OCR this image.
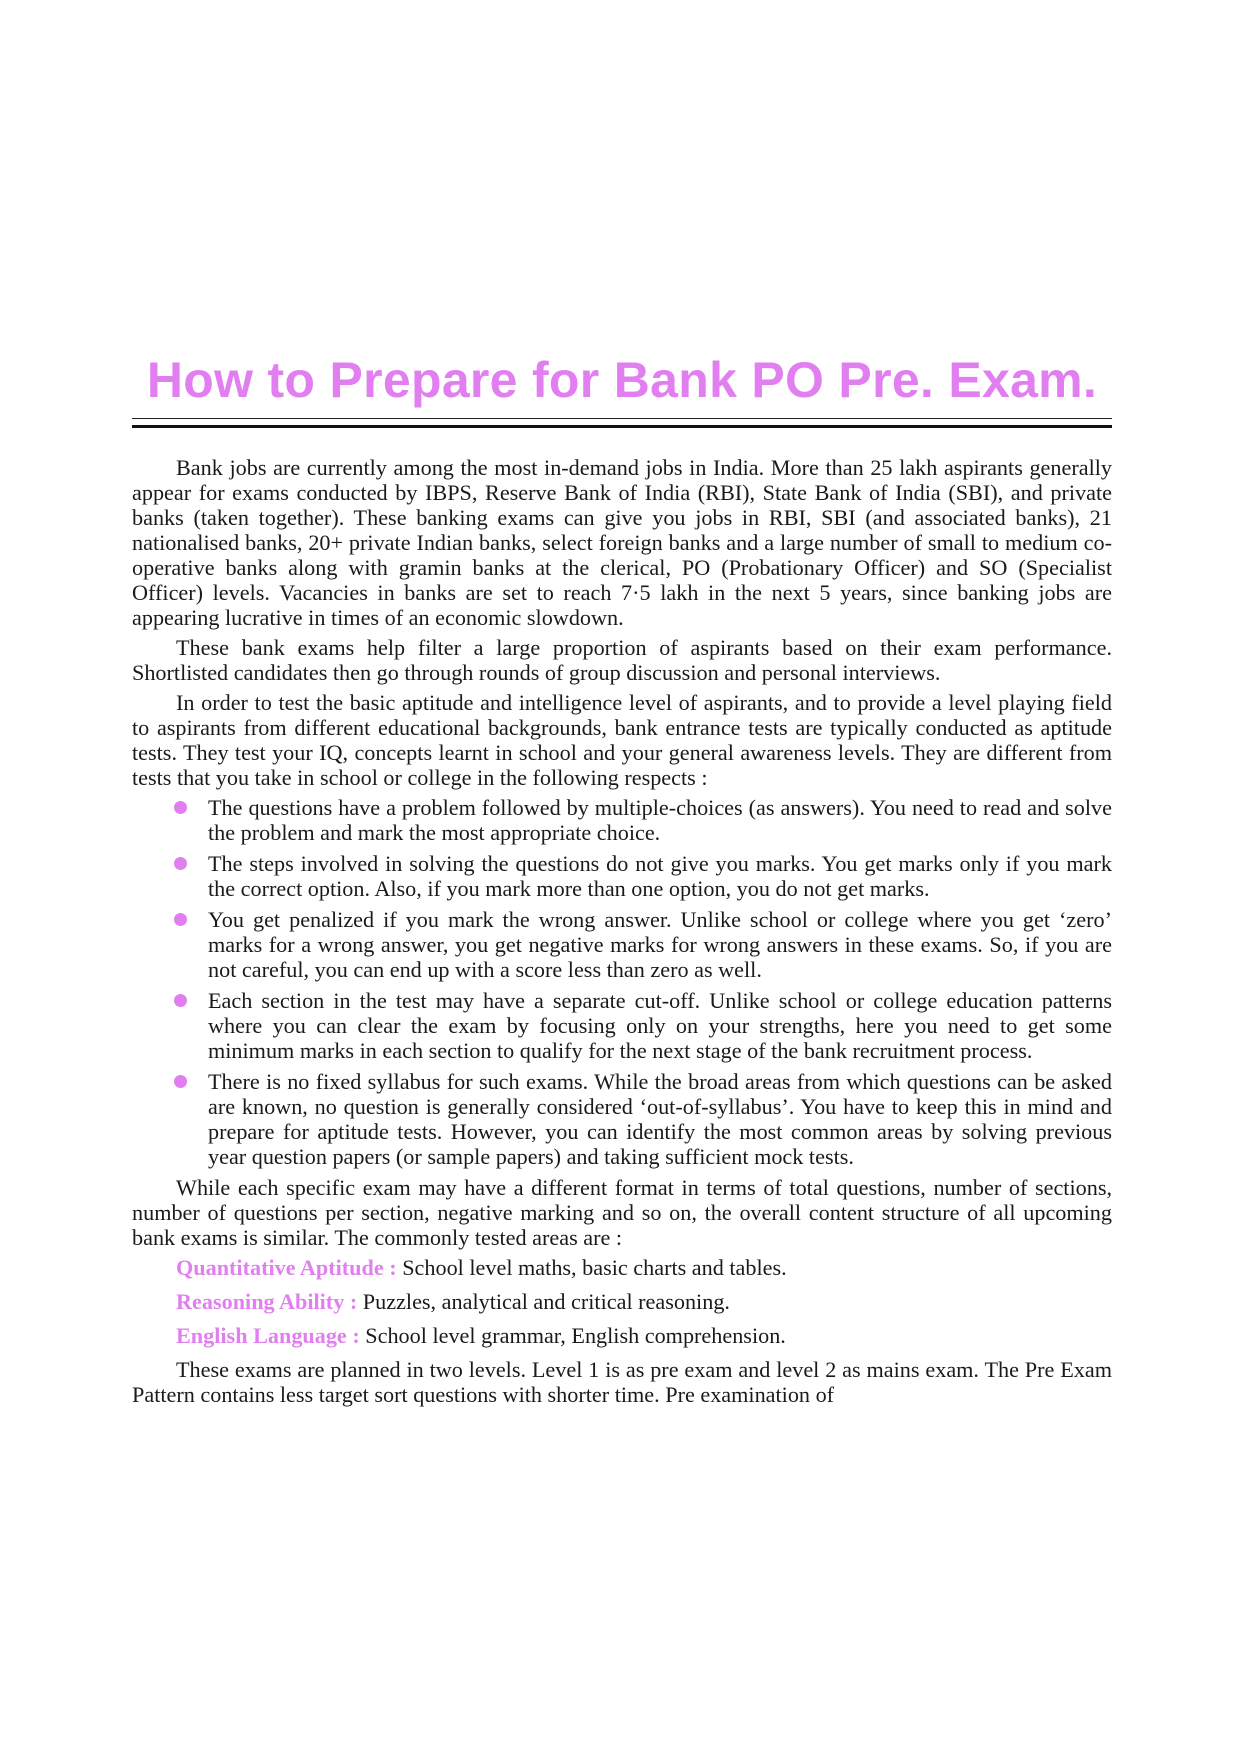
How to Prepare for Bank PO Pre. Exam.

Bank jobs are currently among the most in-demand jobs in India. More than 25 lakh aspirants generally appear for exams conducted by IBPS, Reserve Bank of India (RBI), State Bank of India (SBI), and private banks (taken together). These banking exams can give you jobs in RBI, SBI (and associated banks), 21 nationalised banks, 20+ private Indian banks, select foreign banks and a large number of small to medium co-operative banks along with gramin banks at the clerical, PO (Probationary Officer) and SO (Specialist Officer) levels. Vacancies in banks are set to reach 7·5 lakh in the next 5 years, since banking jobs are appearing lucrative in times of an economic slowdown.

These bank exams help filter a large proportion of aspirants based on their exam performance. Shortlisted candidates then go through rounds of group discussion and personal interviews.

In order to test the basic aptitude and intelligence level of aspirants, and to provide a level playing field to aspirants from different educational backgrounds, bank entrance tests are typically conducted as aptitude tests. They test your IQ, concepts learnt in school and your general awareness levels. They are different from tests that you take in school or college in the following respects :

The questions have a problem followed by multiple-choices (as answers). You need to read and solve the problem and mark the most appropriate choice.
The steps involved in solving the questions do not give you marks. You get marks only if you mark the correct option. Also, if you mark more than one option, you do not get marks.
You get penalized if you mark the wrong answer. Unlike school or college where you get ‘zero’ marks for a wrong answer, you get negative marks for wrong answers in these exams. So, if you are not careful, you can end up with a score less than zero as well.
Each section in the test may have a separate cut-off. Unlike school or college education patterns where you can clear the exam by focusing only on your strengths, here you need to get some minimum marks in each section to qualify for the next stage of the bank recruitment process.
There is no fixed syllabus for such exams. While the broad areas from which questions can be asked are known, no question is generally considered ‘out-of-syllabus’. You have to keep this in mind and prepare for aptitude tests. However, you can identify the most common areas by solving previous year question papers (or sample papers) and taking sufficient mock tests.

While each specific exam may have a different format in terms of total questions, number of sections, number of questions per section, negative marking and so on, the overall content structure of all upcoming bank exams is similar. The commonly tested areas are :

Quantitative Aptitude : School level maths, basic charts and tables.

Reasoning Ability : Puzzles, analytical and critical reasoning.

English Language : School level grammar, English comprehension.

These exams are planned in two levels. Level 1 is as pre exam and level 2 as mains exam. The Pre Exam Pattern contains less target sort questions with shorter time. Pre examination of
